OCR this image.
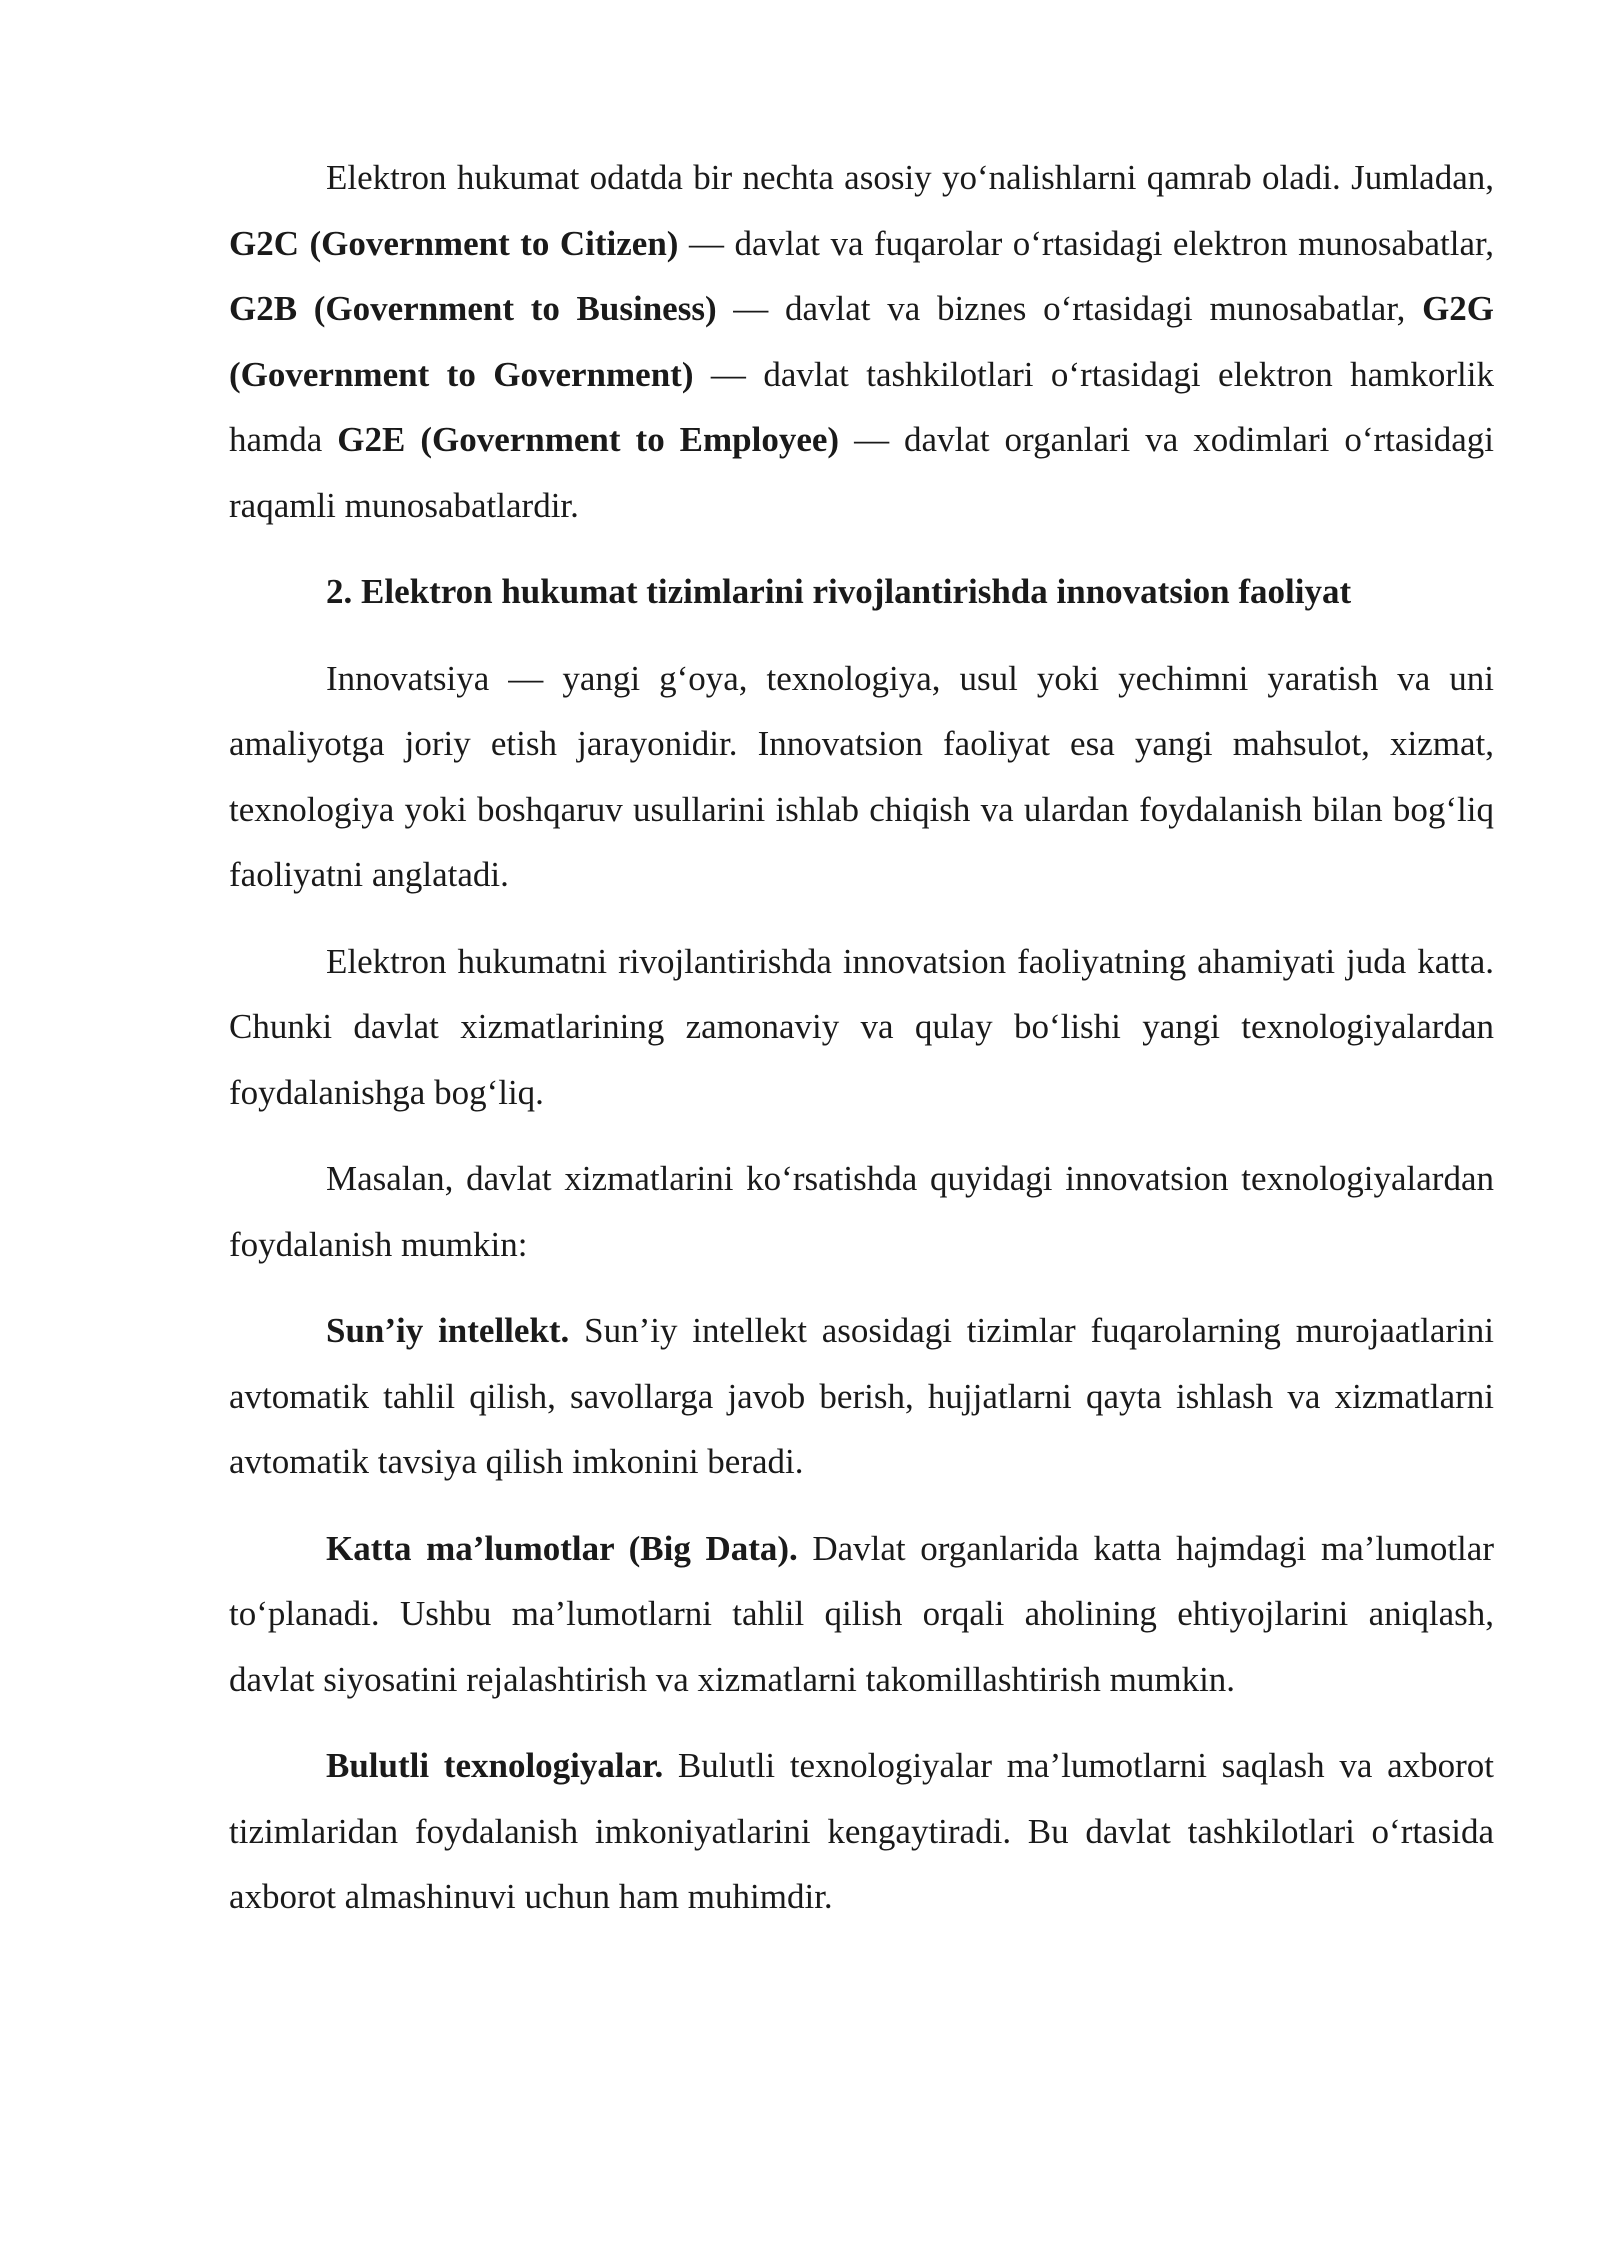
Elektron hukumat odatda bir nechta asosiy yo‘nalishlarni qamrab oladi. Jumladan, G2C (Government to Citizen) — davlat va fuqarolar o‘rtasidagi elektron munosabatlar, G2B (Government to Business) — davlat va biznes o‘rtasidagi munosabatlar, G2G (Government to Government) — davlat tashkilotlari o‘rtasidagi elektron hamkorlik hamda G2E (Government to Employee) — davlat organlari va xodimlari o‘rtasidagi raqamli munosabatlardir.

2. Elektron hukumat tizimlarini rivojlantirishda innovatsion faoliyat

Innovatsiya — yangi g‘oya, texnologiya, usul yoki yechimni yaratish va uni amaliyotga joriy etish jarayonidir. Innovatsion faoliyat esa yangi mahsulot, xizmat, texnologiya yoki boshqaruv usullarini ishlab chiqish va ulardan foydalanish bilan bog‘liq faoliyatni anglatadi.

Elektron hukumatni rivojlantirishda innovatsion faoliyatning ahamiyati juda katta. Chunki davlat xizmatlarining zamonaviy va qulay bo‘lishi yangi texnologiyalardan foydalanishga bog‘liq.

Masalan, davlat xizmatlarini ko‘rsatishda quyidagi innovatsion texnologiyalardan foydalanish mumkin:

Sun’iy intellekt. Sun’iy intellekt asosidagi tizimlar fuqarolarning murojaatlarini avtomatik tahlil qilish, savollarga javob berish, hujjatlarni qayta ishlash va xizmatlarni avtomatik tavsiya qilish imkonini beradi.

Katta ma’lumotlar (Big Data). Davlat organlarida katta hajmdagi ma’lumotlar to‘planadi. Ushbu ma’lumotlarni tahlil qilish orqali aholining ehtiyojlarini aniqlash, davlat siyosatini rejalashtirish va xizmatlarni takomillashtirish mumkin.

Bulutli texnologiyalar. Bulutli texnologiyalar ma’lumotlarni saqlash va axborot tizimlaridan foydalanish imkoniyatlarini kengaytiradi. Bu davlat tashkilotlari o‘rtasida axborot almashinuvi uchun ham muhimdir.
